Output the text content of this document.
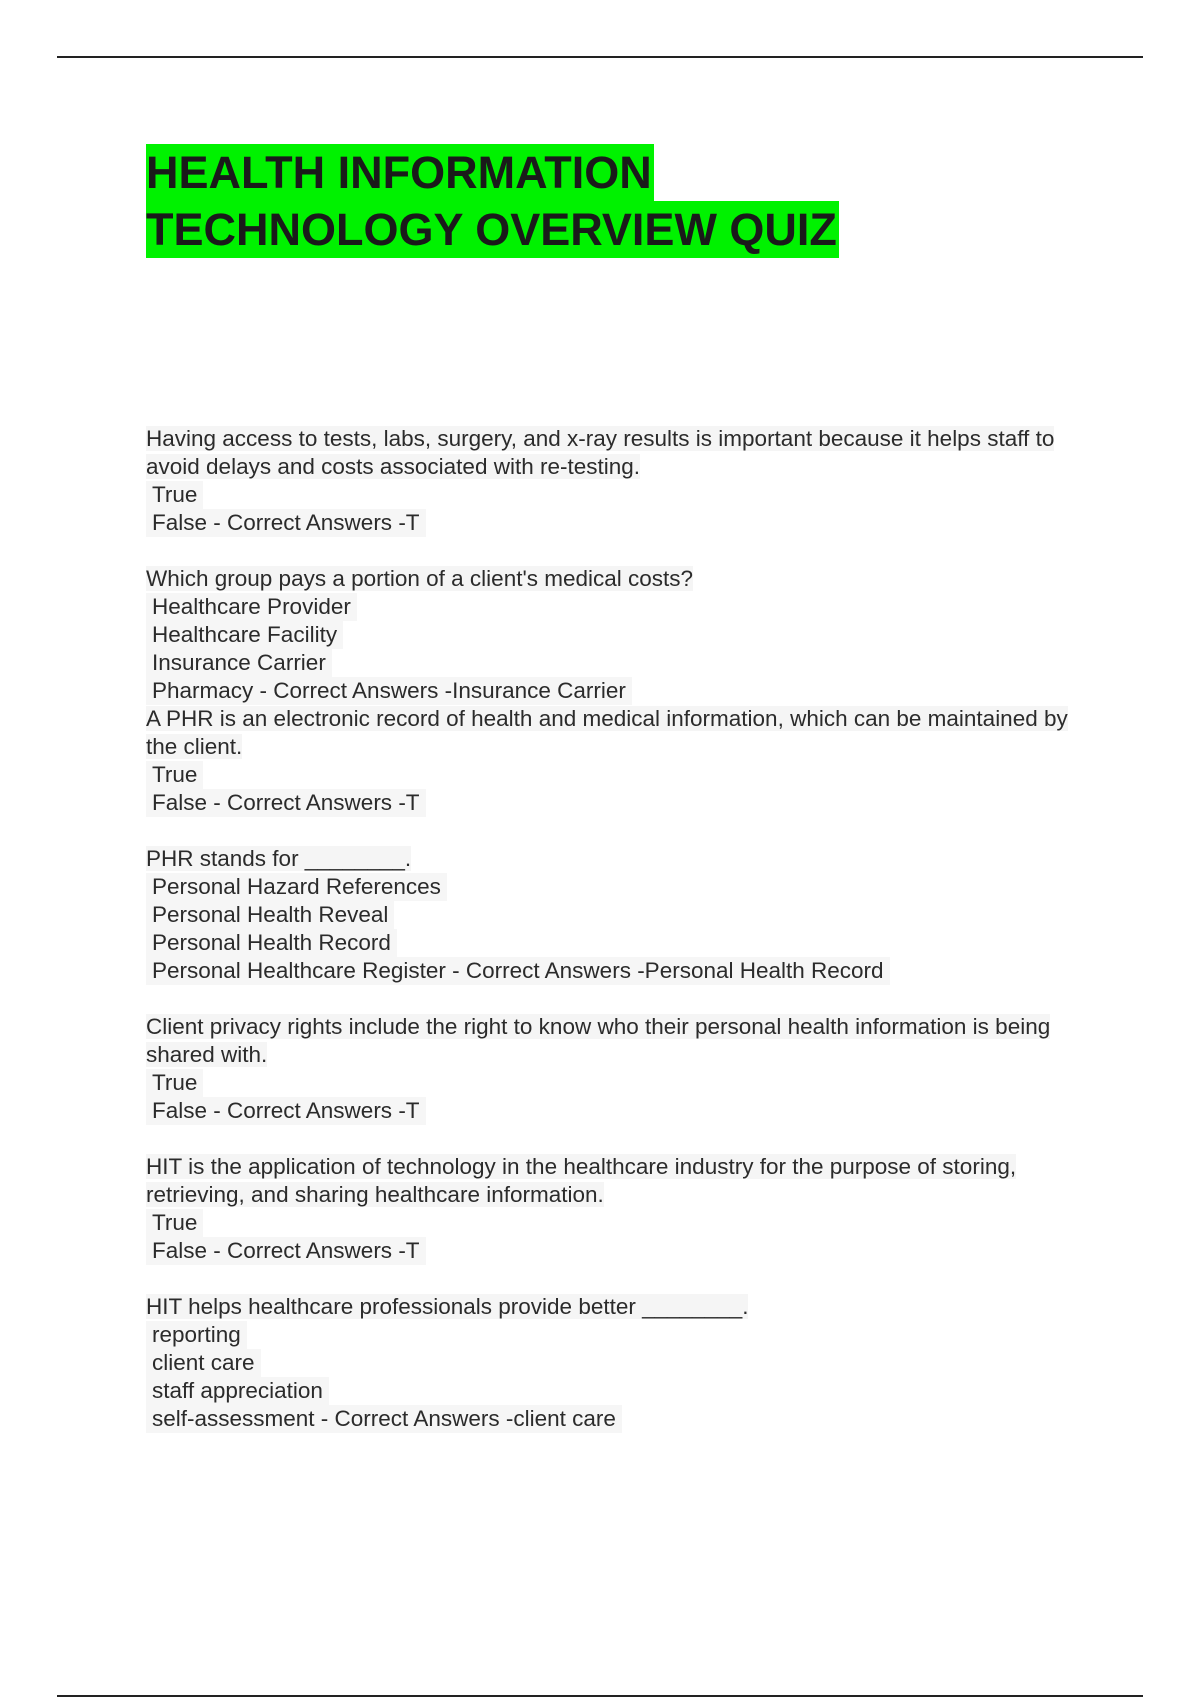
HEALTH INFORMATION
TECHNOLOGY OVERVIEW QUIZ
Having access to tests, labs, surgery, and x-ray results is important because it helps staff to avoid delays and costs associated with re-testing.
True
False - Correct Answers -T
Which group pays a portion of a client's medical costs?
Healthcare Provider
Healthcare Facility
Insurance Carrier
Pharmacy - Correct Answers -Insurance Carrier
A PHR is an electronic record of health and medical information, which can be maintained by the client.
True
False - Correct Answers -T
PHR stands for ________.
Personal Hazard References
Personal Health Reveal
Personal Health Record
Personal Healthcare Register - Correct Answers -Personal Health Record
Client privacy rights include the right to know who their personal health information is being shared with.
True
False - Correct Answers -T
HIT is the application of technology in the healthcare industry for the purpose of storing, retrieving, and sharing healthcare information.
True
False - Correct Answers -T
HIT helps healthcare professionals provide better ________.
reporting
client care
staff appreciation
self-assessment - Correct Answers -client care
